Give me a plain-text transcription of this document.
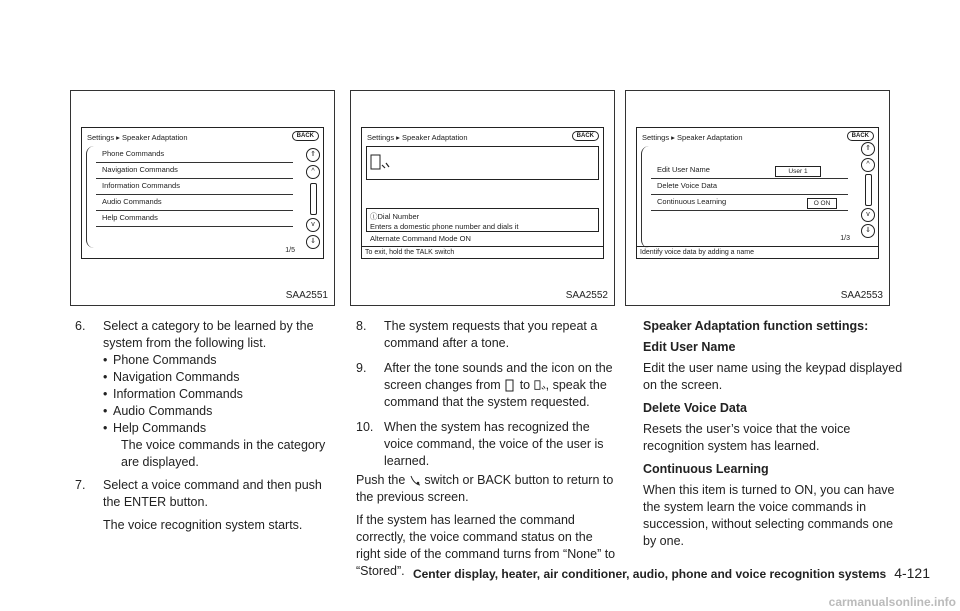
Settings ▸ Speaker Adaptation	BACK
Phone Commands
Navigation Commands
Information Commands
Audio Commands
Help Commands
1/5
⇑
^
v
⇓
SAA2551
Settings ▸ Speaker Adaptation	BACK
ⓘDial Number
Enters a domestic phone number and dials it
Alternate Command Mode ON
To exit, hold the TALK switch
SAA2552
Settings ▸ Speaker Adaptation	BACK
Edit User Name	User 1
Delete Voice Data
Continuous Learning	O ON
1/3
⇑
^
v
⇓
Identify voice data by adding a name
SAA2553
6.	Select a category to be learned by the system from the following list.

• Phone Commands

• Navigation Commands

• Information Commands

• Audio Commands

• Help Commands

The voice commands in the category are displayed.

7.	Select a voice command and then push the ENTER button.

The voice recognition system starts.

8.	The system requests that you repeat a command after a tone.
9.	After the tone sounds and the icon on the screen changes from to , speak the command that the system requested.
10. When the system has recognized the voice command, the voice of the user is learned.

Push the switch or BACK button to return to the previous screen.

If the system has learned the command correctly, the voice command status on the right side of the command turns from “None” to “Stored”.

Speaker Adaptation function settings:
Edit User Name

Edit the user name using the keypad displayed on the screen.

Delete Voice Data

Resets the user’s voice that the voice recognition system has learned.

Continuous Learning

When this item is turned to ON, you can have the system learn the voice commands in succession, without selecting commands one by one.

Center display, heater, air conditioner, audio, phone and voice recognition systems 4-121
carmanualsonline.info
